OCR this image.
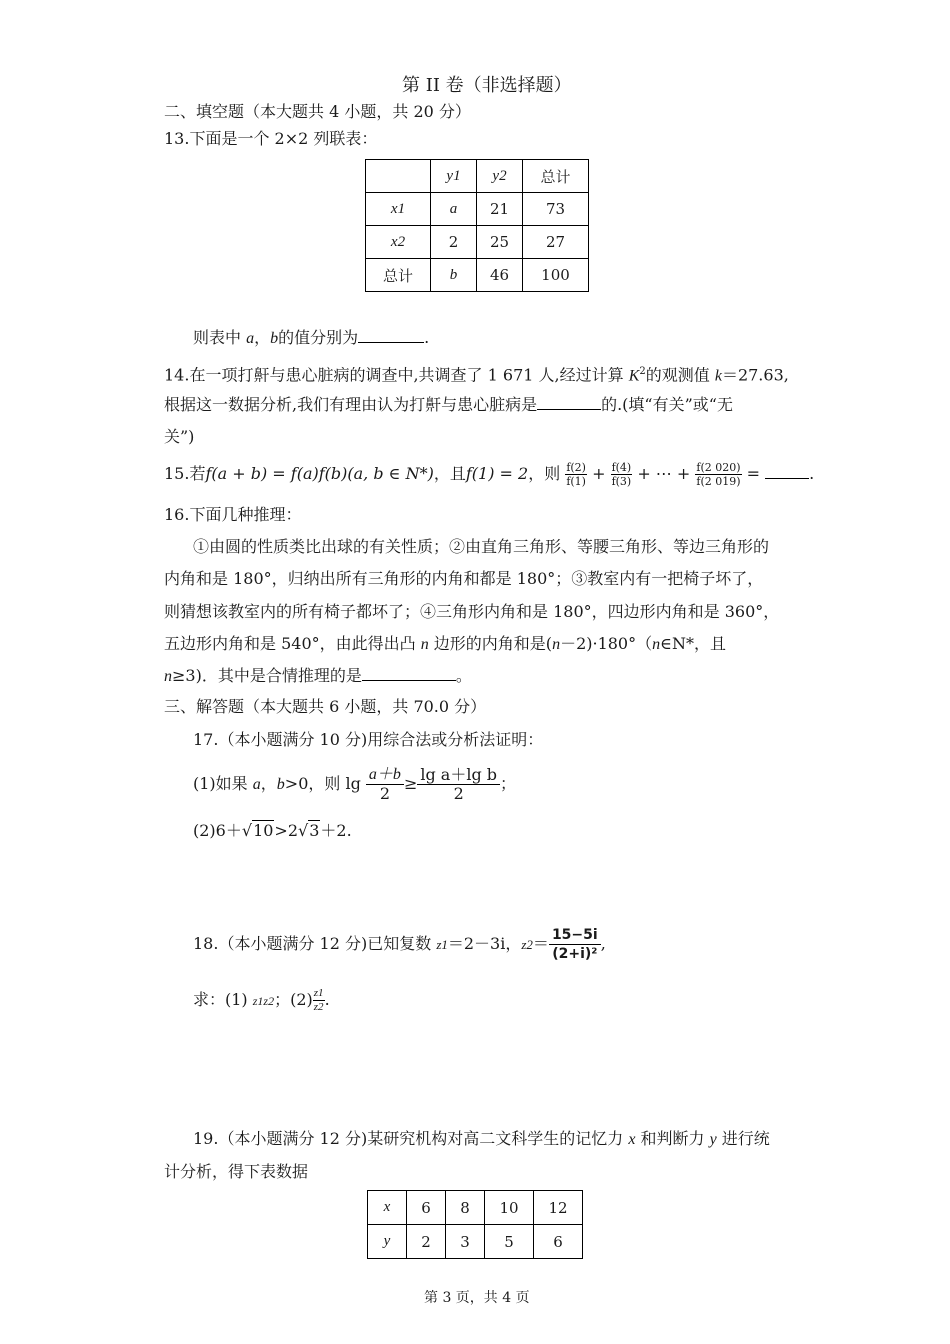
第 II 卷（非选择题）
二、填空题（本大题共 4 小题，共 20 分）
13.下面是一个 2×2 列联表：
	y1	y2	总计
x1	a	21	73
x2	2	25	27
总计	b	46	100
则表中 a，b的值分别为	.
14.在一项打鼾与患心脏病的调查中,共调查了 1 671 人,经过计算 $K^2$的观测值 k＝27.63,
根据这一数据分析,我们有理由认为打鼾与患心脏病是	的.(填“有关”或“无
关”)
15.若f(a + b) = f(a)f(b)(a, b ∈ N*)，且f(1) = 2，则 $\frac{f(2)}{f(1)} + \frac{f(4)}{f(3)}$ + ⋯ + $\frac{f(2 020)}{f(2 019)}$ =	.
16.下面几种推理：
①由圆的性质类比出球的有关性质；②由直角三角形、等腰三角形、等边三角形的
内角和是 180°，归纳出所有三角形的内角和都是 180°；③教室内有一把椅子坏了，
则猜想该教室内的所有椅子都坏了；④三角形内角和是 180°，四边形内角和是 360°，
五边形内角和是 540°，由此得出凸 n 边形的内角和是(n－2)·180°（n∈N*，且
n≥3)．其中是合情推理的是	。
三、解答题（本大题共 6 小题，共 70.0 分）
17.（本小题满分 10 分)用综合法或分析法证明：
(1)如果 a，b>0，则 $\lg \frac{a+b}{2} \ge \frac{\text{lg a＋lg b}}{2}$ ；
(2)6＋√10>2√3＋2.
18.（本小题满分 12 分)已知复数 z1＝2－3i，$z2= \frac{15-5i}{\text{(2+i)²}}$ ,
求：(1) z1z2；$(2) \frac{z1}{z2}$ .
19.（本小题满分 12 分)某研究机构对高二文科学生的记忆力 x 和判断力 y 进行统
计分析，得下表数据
x	6	8	10	12
y	2	3	5	6
第 3 页，共 4 页
